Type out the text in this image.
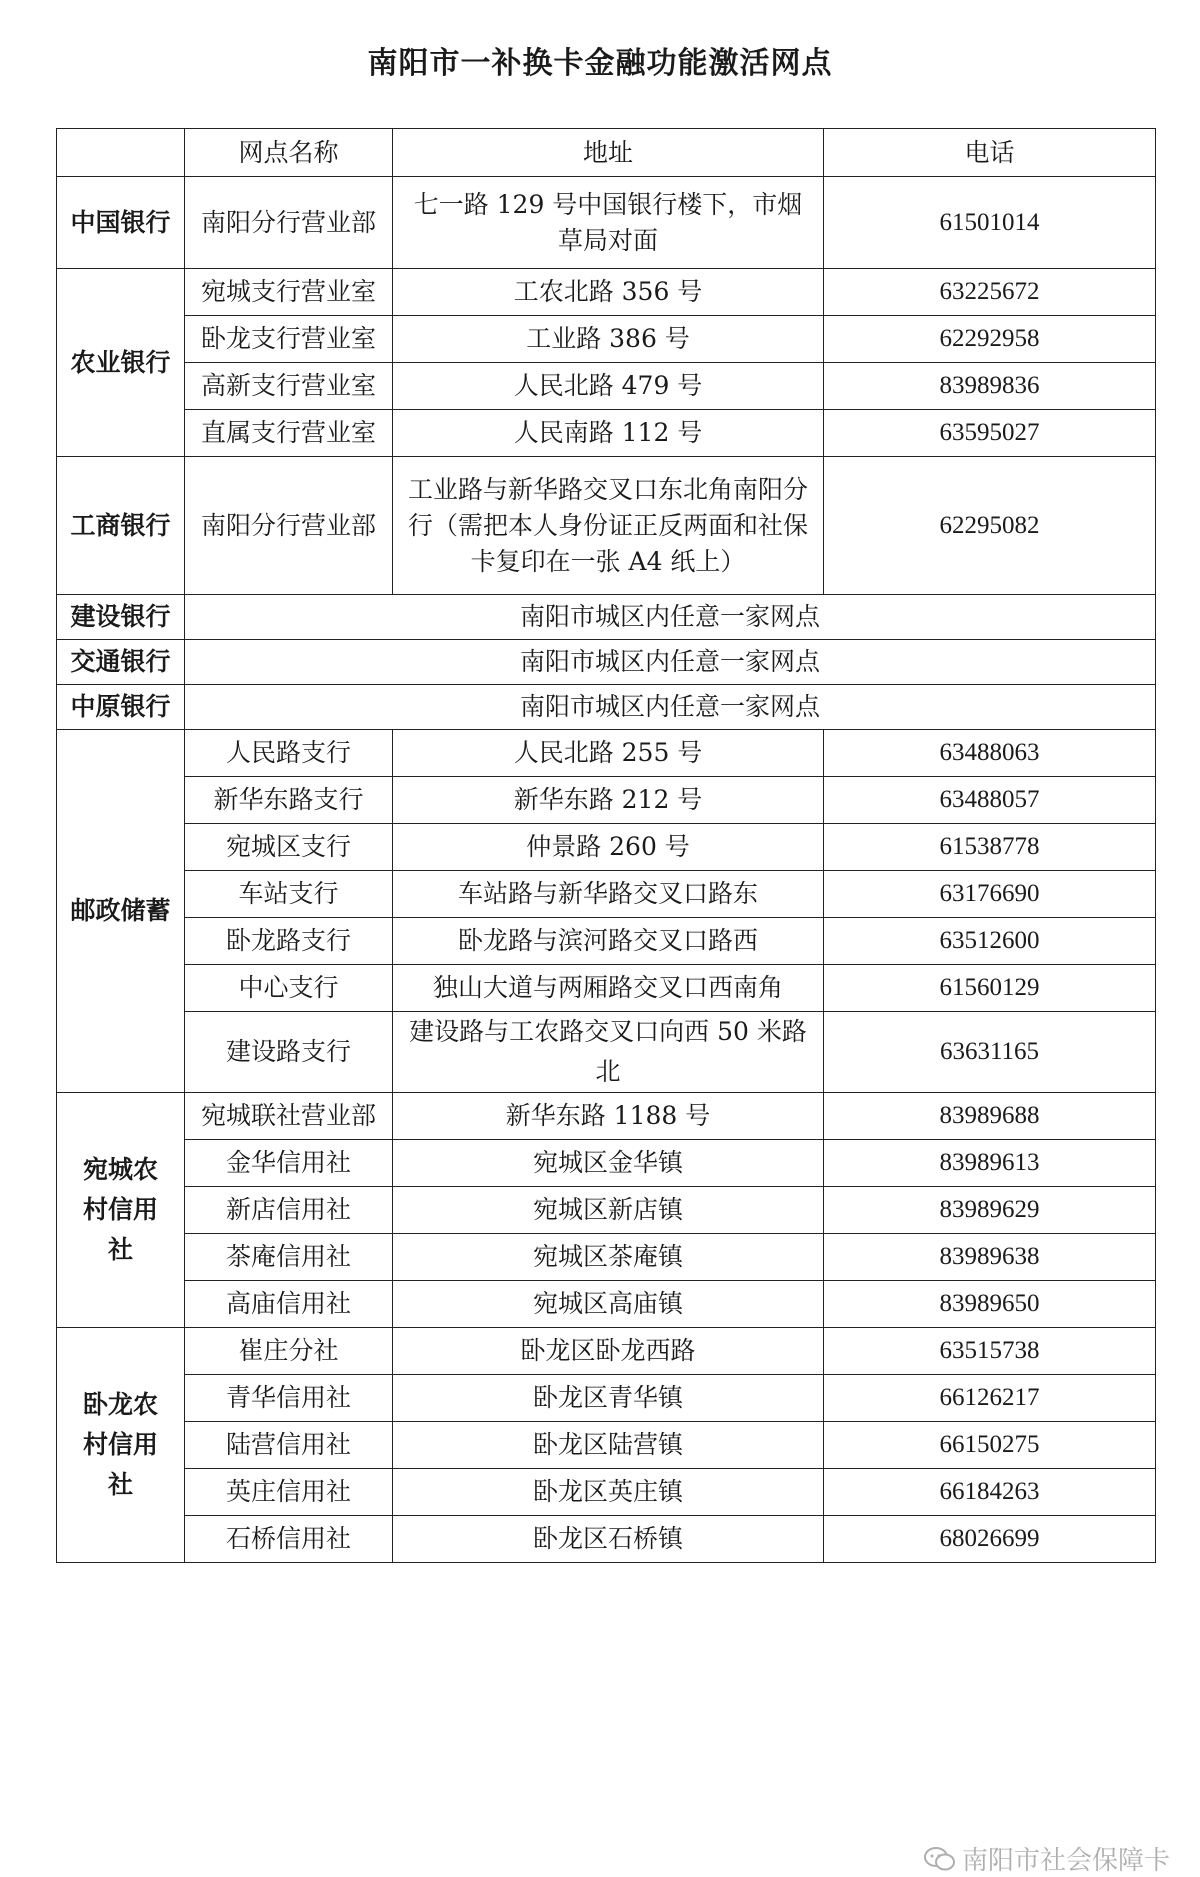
南阳市一补换卡金融功能激活网点
	网点名称	地址	电话
中国银行	南阳分行营业部	七一路 129 号中国银行楼下，市烟草局对面	61501014
农业银行	宛城支行营业室	工农北路 356 号	63225672
	卧龙支行营业室	工业路 386 号	62292958
	高新支行营业室	人民北路 479 号	83989836
	直属支行营业室	人民南路 112 号	63595027
工商银行	南阳分行营业部	工业路与新华路交叉口东北角南阳分行（需把本人身份证正反两面和社保卡复印在一张 A4 纸上）	62295082
建设银行	南阳市城区内任意一家网点		
交通银行	南阳市城区内任意一家网点		
中原银行	南阳市城区内任意一家网点		
邮政储蓄	人民路支行	人民北路 255 号	63488063
	新华东路支行	新华东路 212 号	63488057
	宛城区支行	仲景路 260 号	61538778
	车站支行	车站路与新华路交叉口路东	63176690
	卧龙路支行	卧龙路与滨河路交叉口路西	63512600
	中心支行	独山大道与两厢路交叉口西南角	61560129
	建设路支行	建设路与工农路交叉口向西 50 米路北	63631165
宛城农村信用社	宛城联社营业部	新华东路 1188 号	83989688
	金华信用社	宛城区金华镇	83989613
	新店信用社	宛城区新店镇	83989629
	茶庵信用社	宛城区茶庵镇	83989638
	高庙信用社	宛城区高庙镇	83989650
卧龙农村信用社	崔庄分社	卧龙区卧龙西路	63515738
	青华信用社	卧龙区青华镇	66126217
	陆营信用社	卧龙区陆营镇	66150275
	英庄信用社	卧龙区英庄镇	66184263
	石桥信用社	卧龙区石桥镇	68026699
南阳市社会保障卡
